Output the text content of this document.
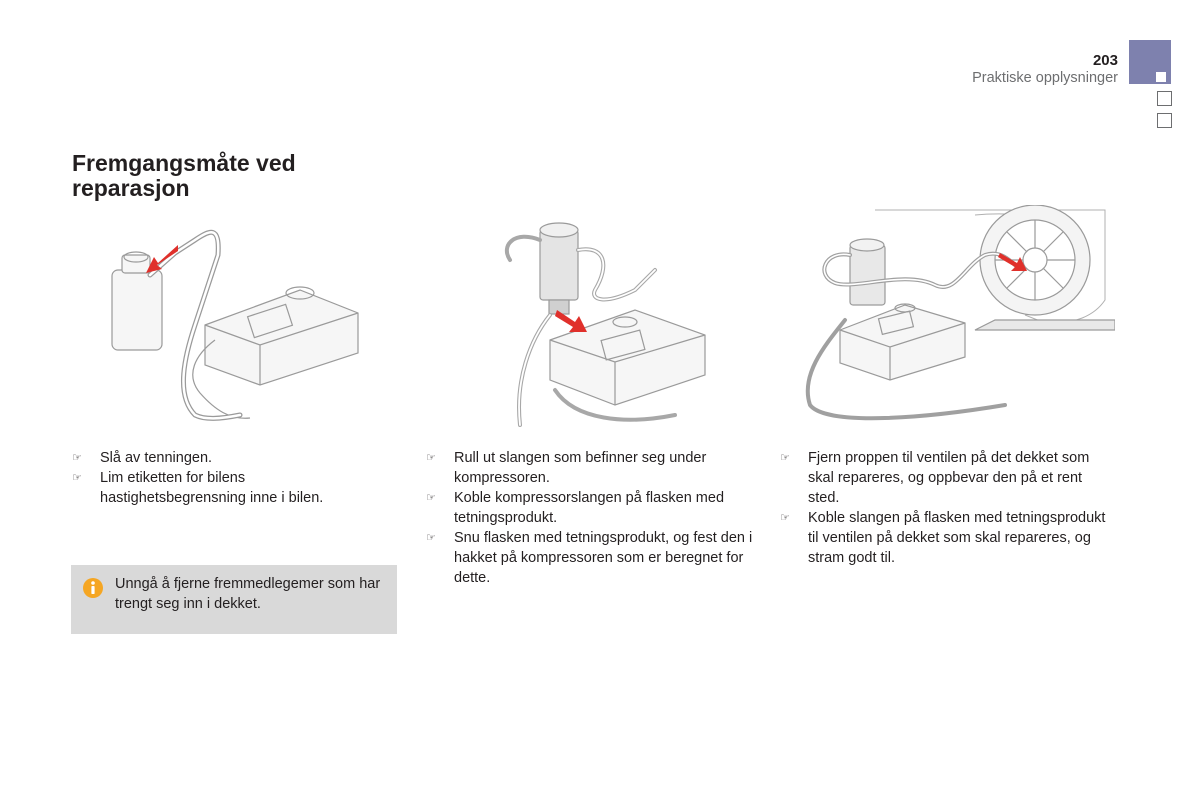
203
Praktiske opplysninger
Fremgangsmåte ved reparasjon
☞ Slå av tenningen.
☞ Lim etiketten for bilens hastighetsbegrensning inne i bilen.
☞ Rull ut slangen som befinner seg under kompressoren.
☞ Koble kompressorslangen på flasken med tetningsprodukt.
☞ Snu flasken med tetningsprodukt, og fest den i hakket på kompressoren som er beregnet for dette.
☞ Fjern proppen til ventilen på det dekket som skal repareres, og oppbevar den på et rent sted.
☞ Koble slangen på flasken med tetningsprodukt til ventilen på dekket som skal repareres, og stram godt til.
Unngå å fjerne fremmedlegemer som har trengt seg inn i dekket.
